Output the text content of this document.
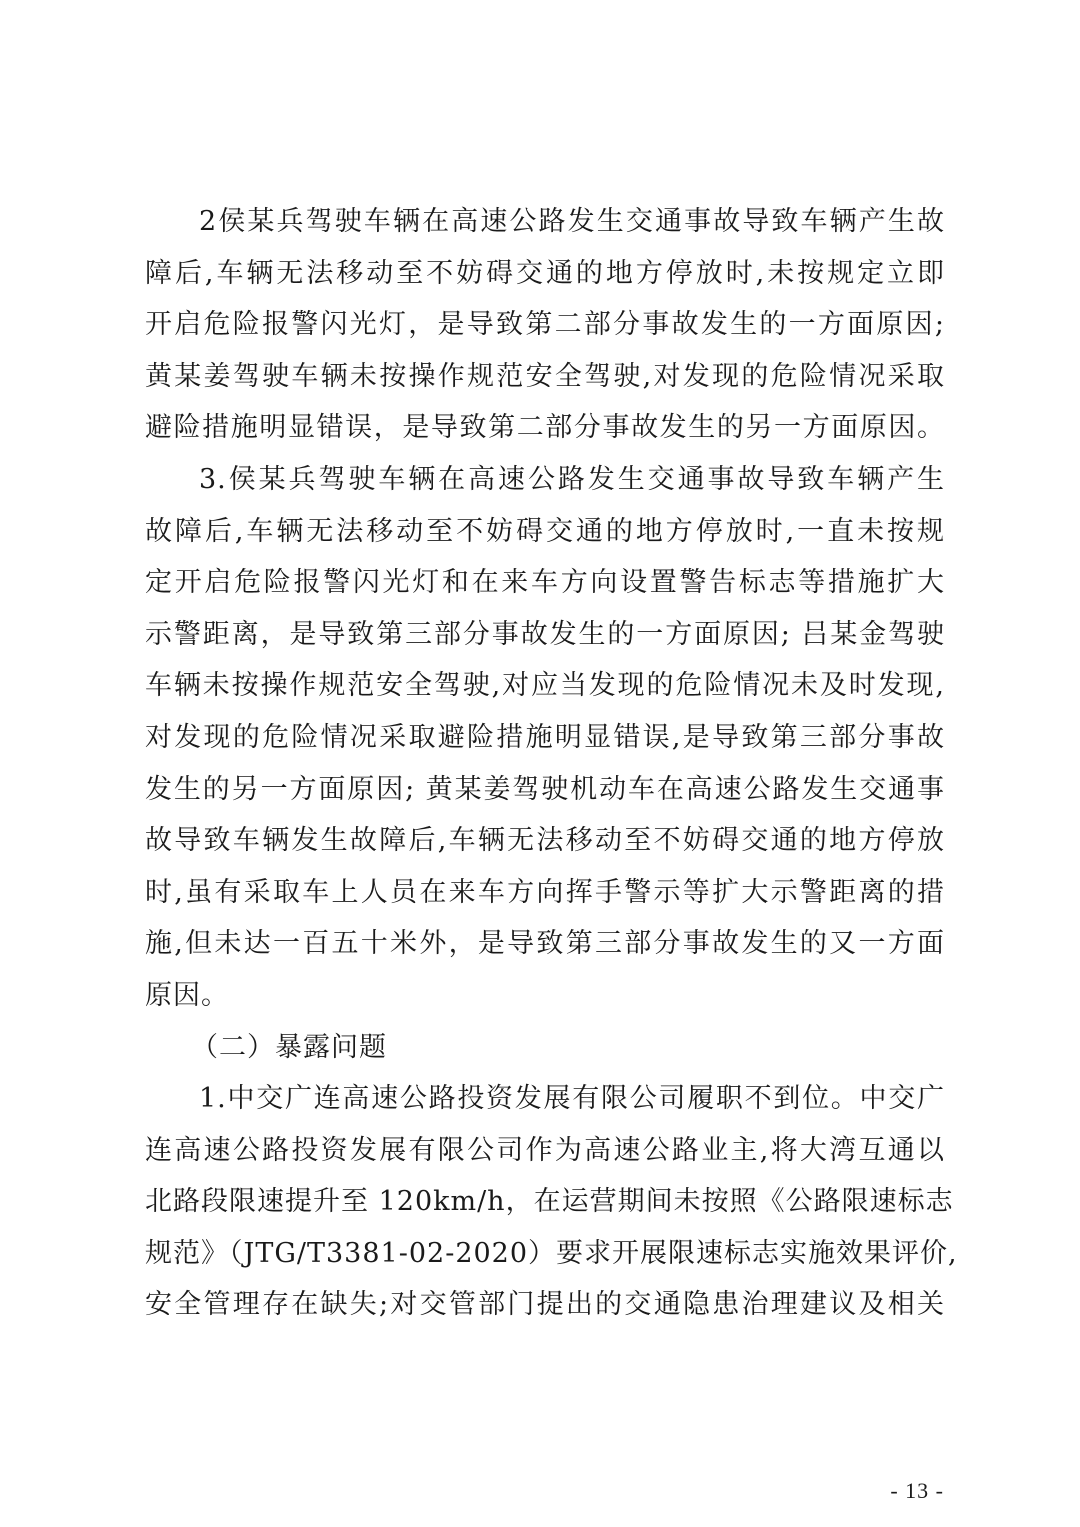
2侯某兵驾驶车辆在高速公路发生交通事故导致车辆产生故
障后,车辆无法移动至不妨碍交通的地方停放时,未按规定立即
开启危险报警闪光灯，是导致第二部分事故发生的一方面原因;
黄某姜驾驶车辆未按操作规范安全驾驶,对发现的危险情况采取
避险措施明显错误，是导致第二部分事故发生的另一方面原因。
3.侯某兵驾驶车辆在高速公路发生交通事故导致车辆产生
故障后,车辆无法移动至不妨碍交通的地方停放时,一直未按规
定开启危险报警闪光灯和在来车方向设置警告标志等措施扩大
示警距离，是导致第三部分事故发生的一方面原因; 吕某金驾驶
车辆未按操作规范安全驾驶,对应当发现的危险情况未及时发现,
对发现的危险情况采取避险措施明显错误,是导致第三部分事故
发生的另一方面原因; 黄某姜驾驶机动车在高速公路发生交通事
故导致车辆发生故障后,车辆无法移动至不妨碍交通的地方停放
时,虽有采取车上人员在来车方向挥手警示等扩大示警距离的措
施,但未达一百五十米外，是导致第三部分事故发生的又一方面
原因。
（二）暴露问题
1.中交广连高速公路投资发展有限公司履职不到位。中交广
连高速公路投资发展有限公司作为高速公路业主,将大湾互通以
北路段限速提升至 120km/h，在运营期间未按照《公路限速标志
规范》（JTG/T3381-02-2020）要求开展限速标志实施效果评价,
安全管理存在缺失;对交管部门提出的交通隐患治理建议及相关
- 13 -
